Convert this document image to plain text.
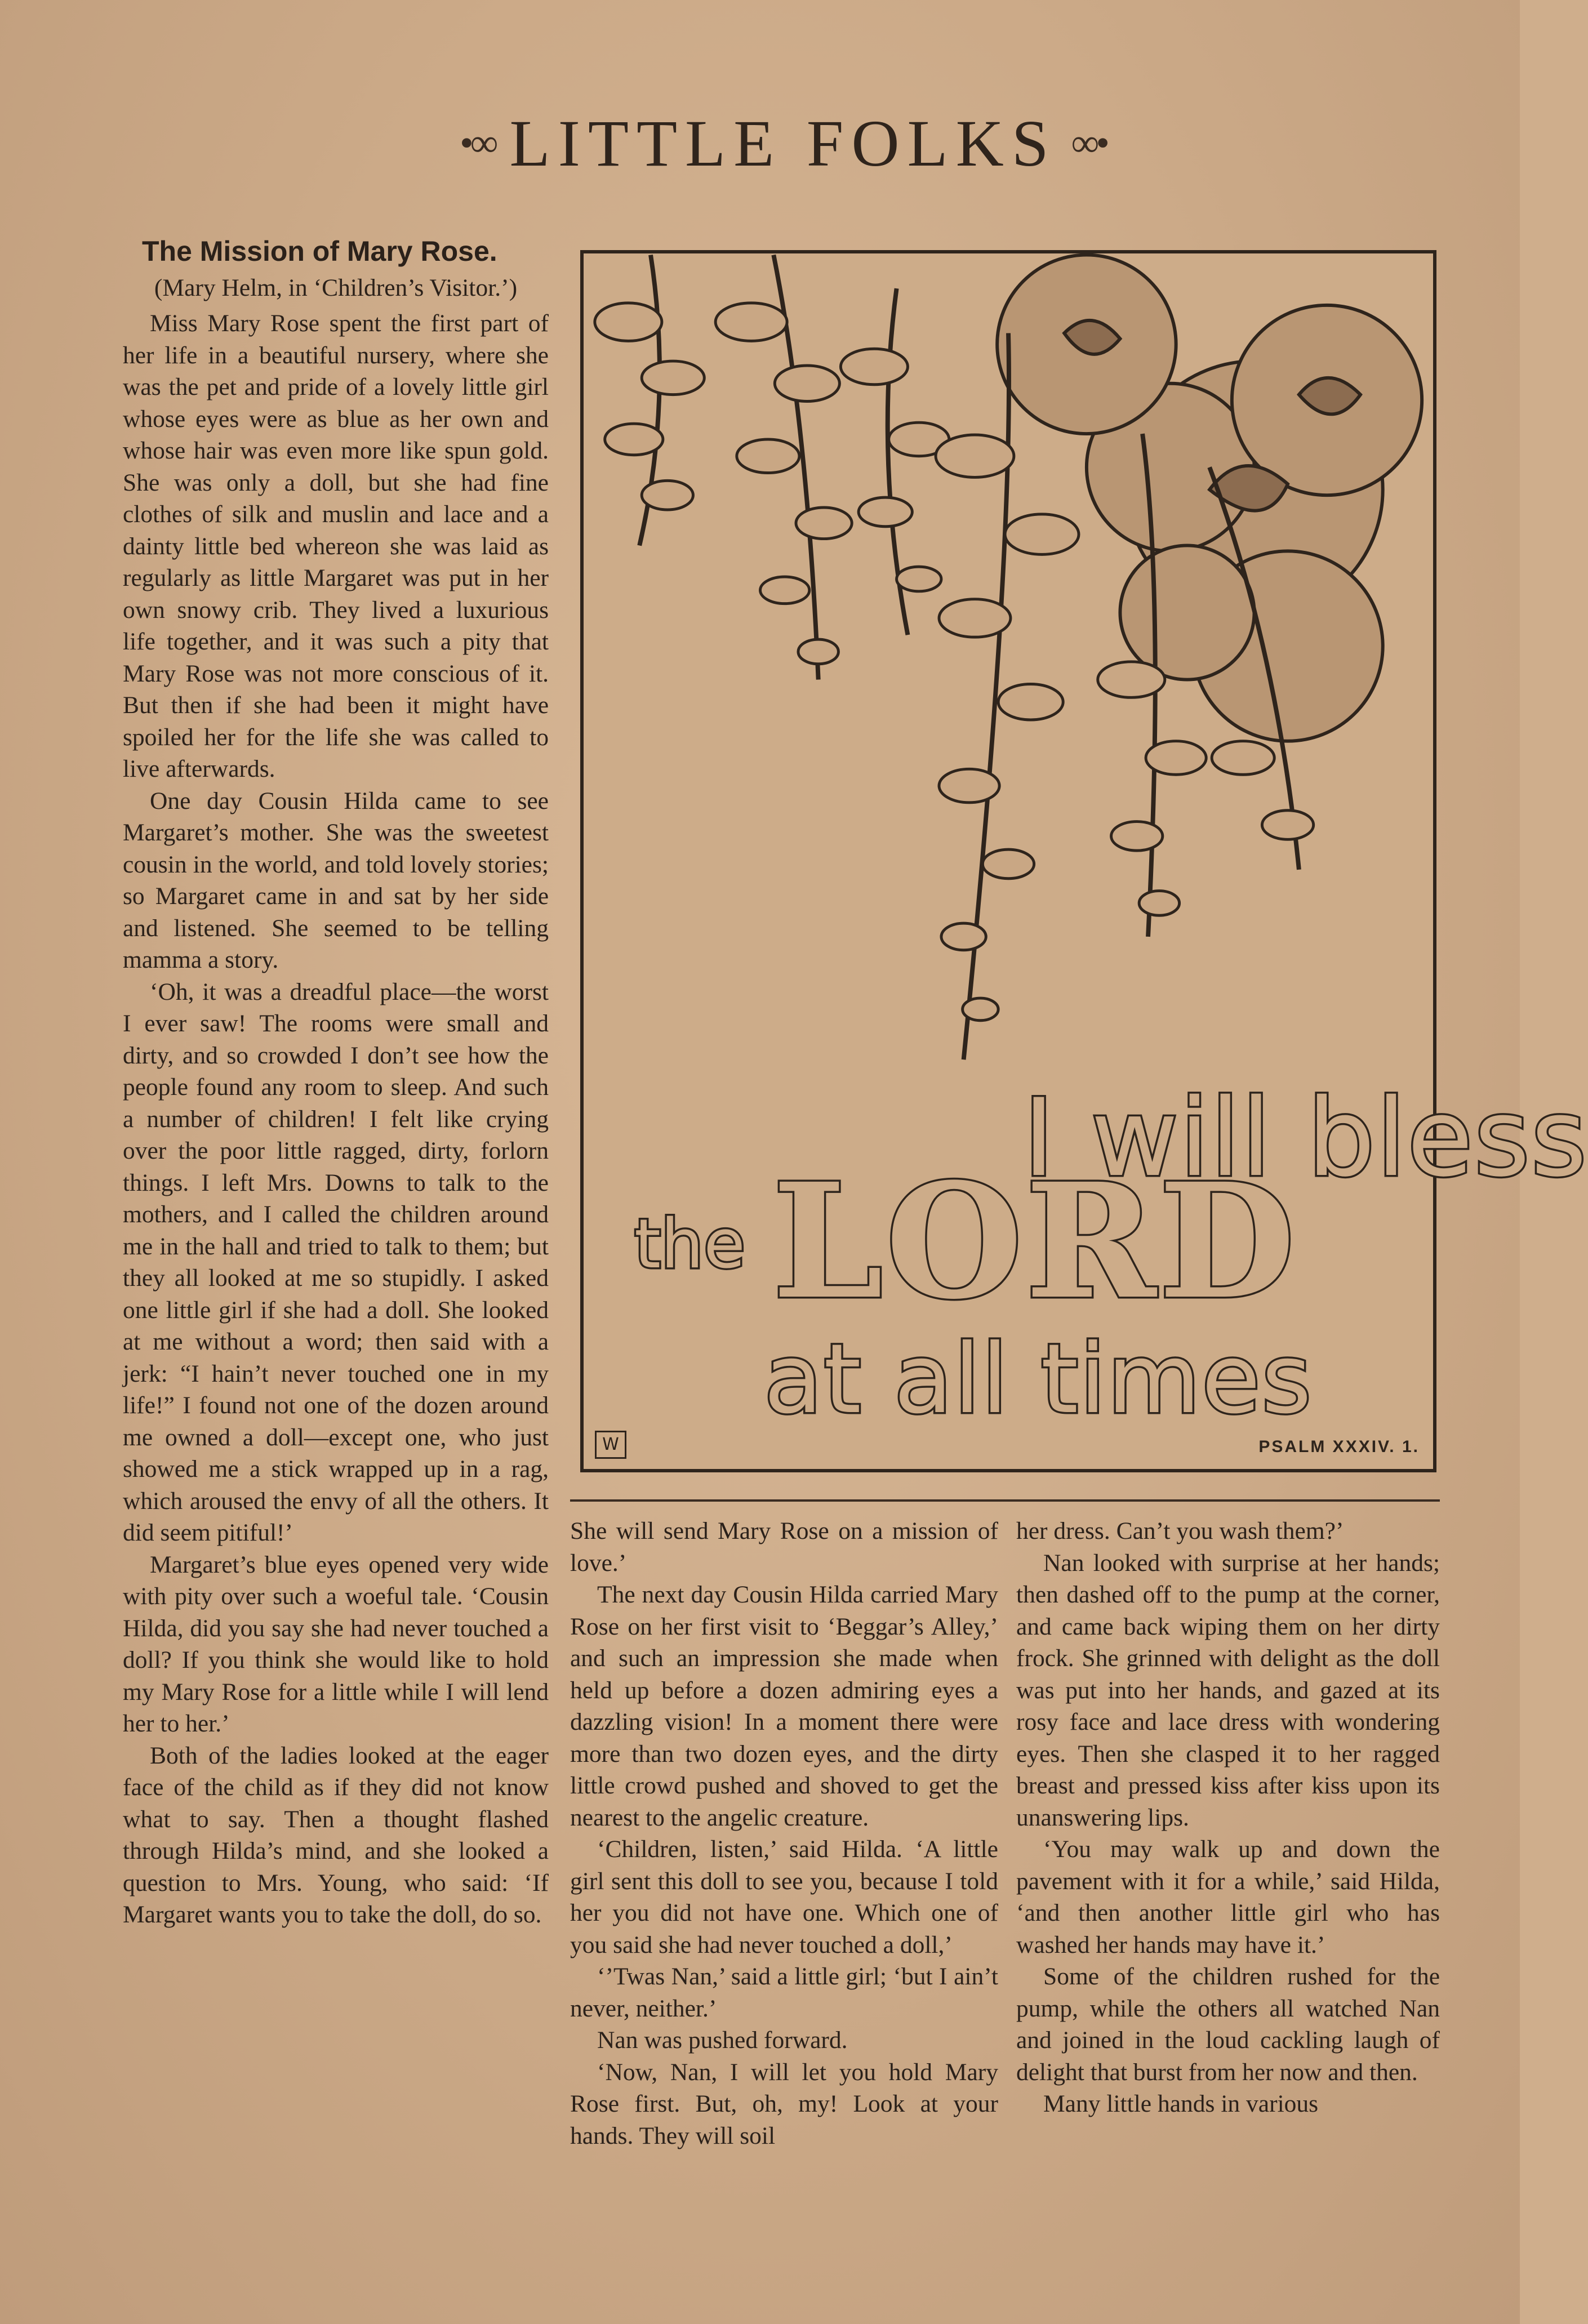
•∞ LITTLE FOLKS ∞•
The Mission of Mary Rose.
(Mary Helm, in ‘Children’s Visitor.’)

Miss Mary Rose spent the first part of her life in a beautiful nursery, where she was the pet and pride of a lovely little girl whose eyes were as blue as her own and whose hair was even more like spun gold. She was only a doll, but she had fine clothes of silk and muslin and lace and a dainty little bed whereon she was laid as regularly as little Margaret was put in her own snowy crib. They lived a luxurious life together, and it was such a pity that Mary Rose was not more conscious of it. But then if she had been it might have spoiled her for the life she was called to live afterwards.

One day Cousin Hilda came to see Margaret’s mother. She was the sweetest cousin in the world, and told lovely stories; so Margaret came in and sat by her side and listened. She seemed to be telling mamma a story.

‘Oh, it was a dreadful place—the worst I ever saw! The rooms were small and dirty, and so crowded I don’t see how the people found any room to sleep. And such a number of children! I felt like crying over the poor little ragged, dirty, forlorn things. I left Mrs. Downs to talk to the mothers, and I called the children around me in the hall and tried to talk to them; but they all looked at me so stupidly. I asked one little girl if she had a doll. She looked at me without a word; then said with a jerk: “I hain’t never touched one in my life!” I found not one of the dozen around me owned a doll—except one, who just showed me a stick wrapped up in a rag, which aroused the envy of all the others. It did seem pitiful!’

Margaret’s blue eyes opened very wide with pity over such a woeful tale. ‘Cousin Hilda, did you say she had never touched a doll? If you think she would like to hold my Mary Rose for a little while I will lend her to her.’

Both of the ladies looked at the eager face of the child as if they did not know what to say. Then a thought flashed through Hilda’s mind, and she looked a question to Mrs. Young, who said: ‘If Margaret wants you to take the doll, do so.

I will bless
the LORD
at all times
W	PSALM XXXIV. 1.

She will send Mary Rose on a mission of love.’

The next day Cousin Hilda carried Mary Rose on her first visit to ‘Beggar’s Alley,’ and such an impression she made when held up before a dozen admiring eyes a dazzling vision! In a moment there were more than two dozen eyes, and the dirty little crowd pushed and shoved to get the nearest to the angelic creature.

‘Children, listen,’ said Hilda. ‘A little girl sent this doll to see you, because I told her you did not have one. Which one of you said she had never touched a doll,’

‘’Twas Nan,’ said a little girl; ‘but I ain’t never, neither.’

Nan was pushed forward.

‘Now, Nan, I will let you hold Mary Rose first. But, oh, my! Look at your hands. They will soil

her dress. Can’t you wash them?’

Nan looked with surprise at her hands; then dashed off to the pump at the corner, and came back wiping them on her dirty frock. She grinned with delight as the doll was put into her hands, and gazed at its rosy face and lace dress with wondering eyes. Then she clasped it to her ragged breast and pressed kiss after kiss upon its unanswering lips.

‘You may walk up and down the pavement with it for a while,’ said Hilda, ‘and then another little girl who has washed her hands may have it.’

Some of the children rushed for the pump, while the others all watched Nan and joined in the loud cackling laugh of delight that burst from her now and then.

Many little hands in various
